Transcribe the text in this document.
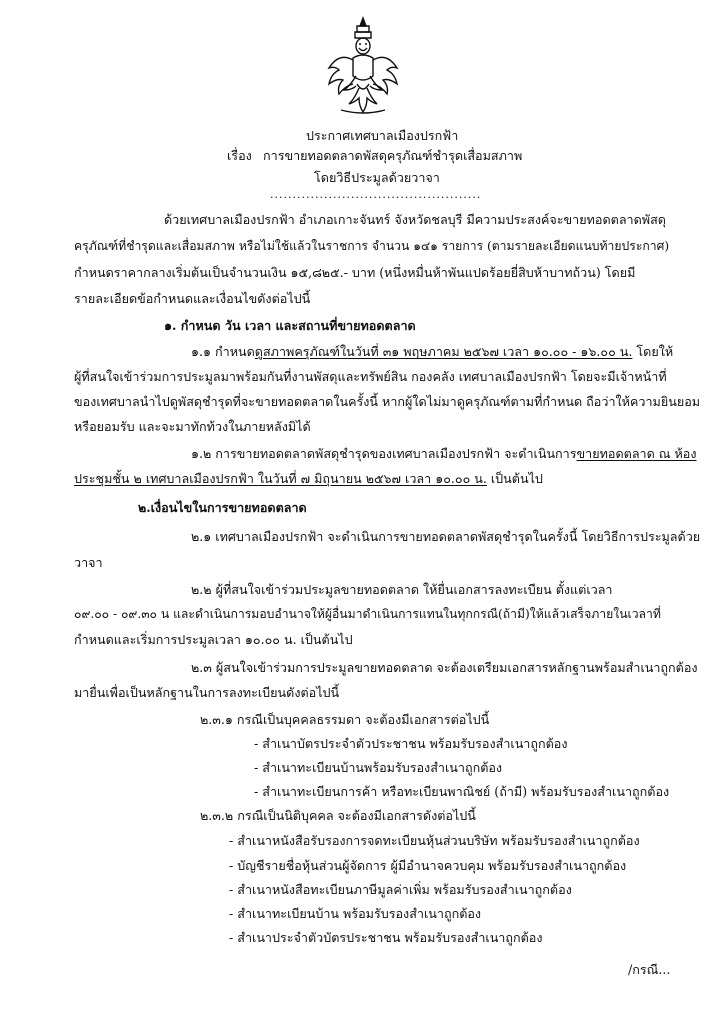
ประกาศเทศบาลเมืองปรกฟ้า
เรื่อง การขายทอดตลาดพัสดุครุภัณฑ์ชำรุดเสื่อมสภาพ
โดยวิธีประมูลด้วยวาจา
...............................................
ด้วยเทศบาลเมืองปรกฟ้า อำเภอเกาะจันทร์ จังหวัดชลบุรี มีความประสงค์จะขายทอดตลาดพัสดุ
ครุภัณฑ์ที่ชำรุดและเสื่อมสภาพ หรือไม่ใช้แล้วในราชการ จำนวน ๑๔๑ รายการ (ตามรายละเอียดแนบท้ายประกาศ)
กำหนดราคากลางเริ่มต้นเป็นจำนวนเงิน ๑๕,๘๒๕.- บาท (หนึ่งหมื่นห้าพันแปดร้อยยี่สิบห้าบาทถ้วน) โดยมี
รายละเอียดข้อกำหนดและเงื่อนไขดังต่อไปนี้
๑. กำหนด วัน เวลา และสถานที่ขายทอดตลาด
๑.๑ กำหนดดูสภาพครุภัณฑ์ในวันที่ ๓๑ พฤษภาคม ๒๕๖๗ เวลา ๑๐.๐๐ - ๑๖.๐๐ น. โดยให้
ผู้ที่สนใจเข้าร่วมการประมูลมาพร้อมกันที่งานพัสดุและทรัพย์สิน กองคลัง เทศบาลเมืองปรกฟ้า โดยจะมีเจ้าหน้าที่
ของเทศบาลนำไปดูพัสดุชำรุดที่จะขายทอดตลาดในครั้งนี้ หากผู้ใดไม่มาดูครุภัณฑ์ตามที่กำหนด ถือว่าให้ความยินยอม
หรือยอมรับ และจะมาทักท้วงในภายหลังมิได้
๑.๒ การขายทอดตลาดพัสดุชำรุดของเทศบาลเมืองปรกฟ้า จะดำเนินการขายทอดตลาด ณ ห้อง
ประชุมชั้น ๒ เทศบาลเมืองปรกฟ้า ในวันที่ ๗ มิถุนายน ๒๕๖๗ เวลา ๑๐.๐๐ น. เป็นต้นไป
๒.เงื่อนไขในการขายทอดตลาด
๒.๑ เทศบาลเมืองปรกฟ้า จะดำเนินการขายทอดตลาดพัสดุชำรุดในครั้งนี้ โดยวิธีการประมูลด้วย
วาจา
๒.๒ ผู้ที่สนใจเข้าร่วมประมูลขายทอดตลาด ให้ยื่นเอกสารลงทะเบียน ตั้งแต่เวลา
๐๙.๐๐ - ๐๙.๓๐ น และดำเนินการมอบอำนาจให้ผู้อื่นมาดำเนินการแทนในทุกกรณี(ถ้ามี)ให้แล้วเสร็จภายในเวลาที่
กำหนดและเริ่มการประมูลเวลา ๑๐.๐๐ น. เป็นต้นไป
๒.๓ ผู้สนใจเข้าร่วมการประมูลขายทอดตลาด จะต้องเตรียมเอกสารหลักฐานพร้อมสำเนาถูกต้อง
มายื่นเพื่อเป็นหลักฐานในการลงทะเบียนดังต่อไปนี้
๒.๓.๑ กรณีเป็นบุคคลธรรมดา จะต้องมีเอกสารต่อไปนี้
- สำเนาบัตรประจำตัวประชาชน พร้อมรับรองสำเนาถูกต้อง
- สำเนาทะเบียนบ้านพร้อมรับรองสำเนาถูกต้อง
- สำเนาทะเบียนการค้า หรือทะเบียนพาณิชย์ (ถ้ามี) พร้อมรับรองสำเนาถูกต้อง
๒.๓.๒ กรณีเป็นนิติบุคคล จะต้องมีเอกสารดังต่อไปนี้
- สำเนาหนังสือรับรองการจดทะเบียนหุ้นส่วนบริษัท พร้อมรับรองสำเนาถูกต้อง
- บัญชีรายชื่อหุ้นส่วนผู้จัดการ ผู้มีอำนาจควบคุม พร้อมรับรองสำเนาถูกต้อง
- สำเนาหนังสือทะเบียนภาษีมูลค่าเพิ่ม พร้อมรับรองสำเนาถูกต้อง
- สำเนาทะเบียนบ้าน พร้อมรับรองสำเนาถูกต้อง
- สำเนาประจำตัวบัตรประชาชน พร้อมรับรองสำเนาถูกต้อง
/กรณี...
